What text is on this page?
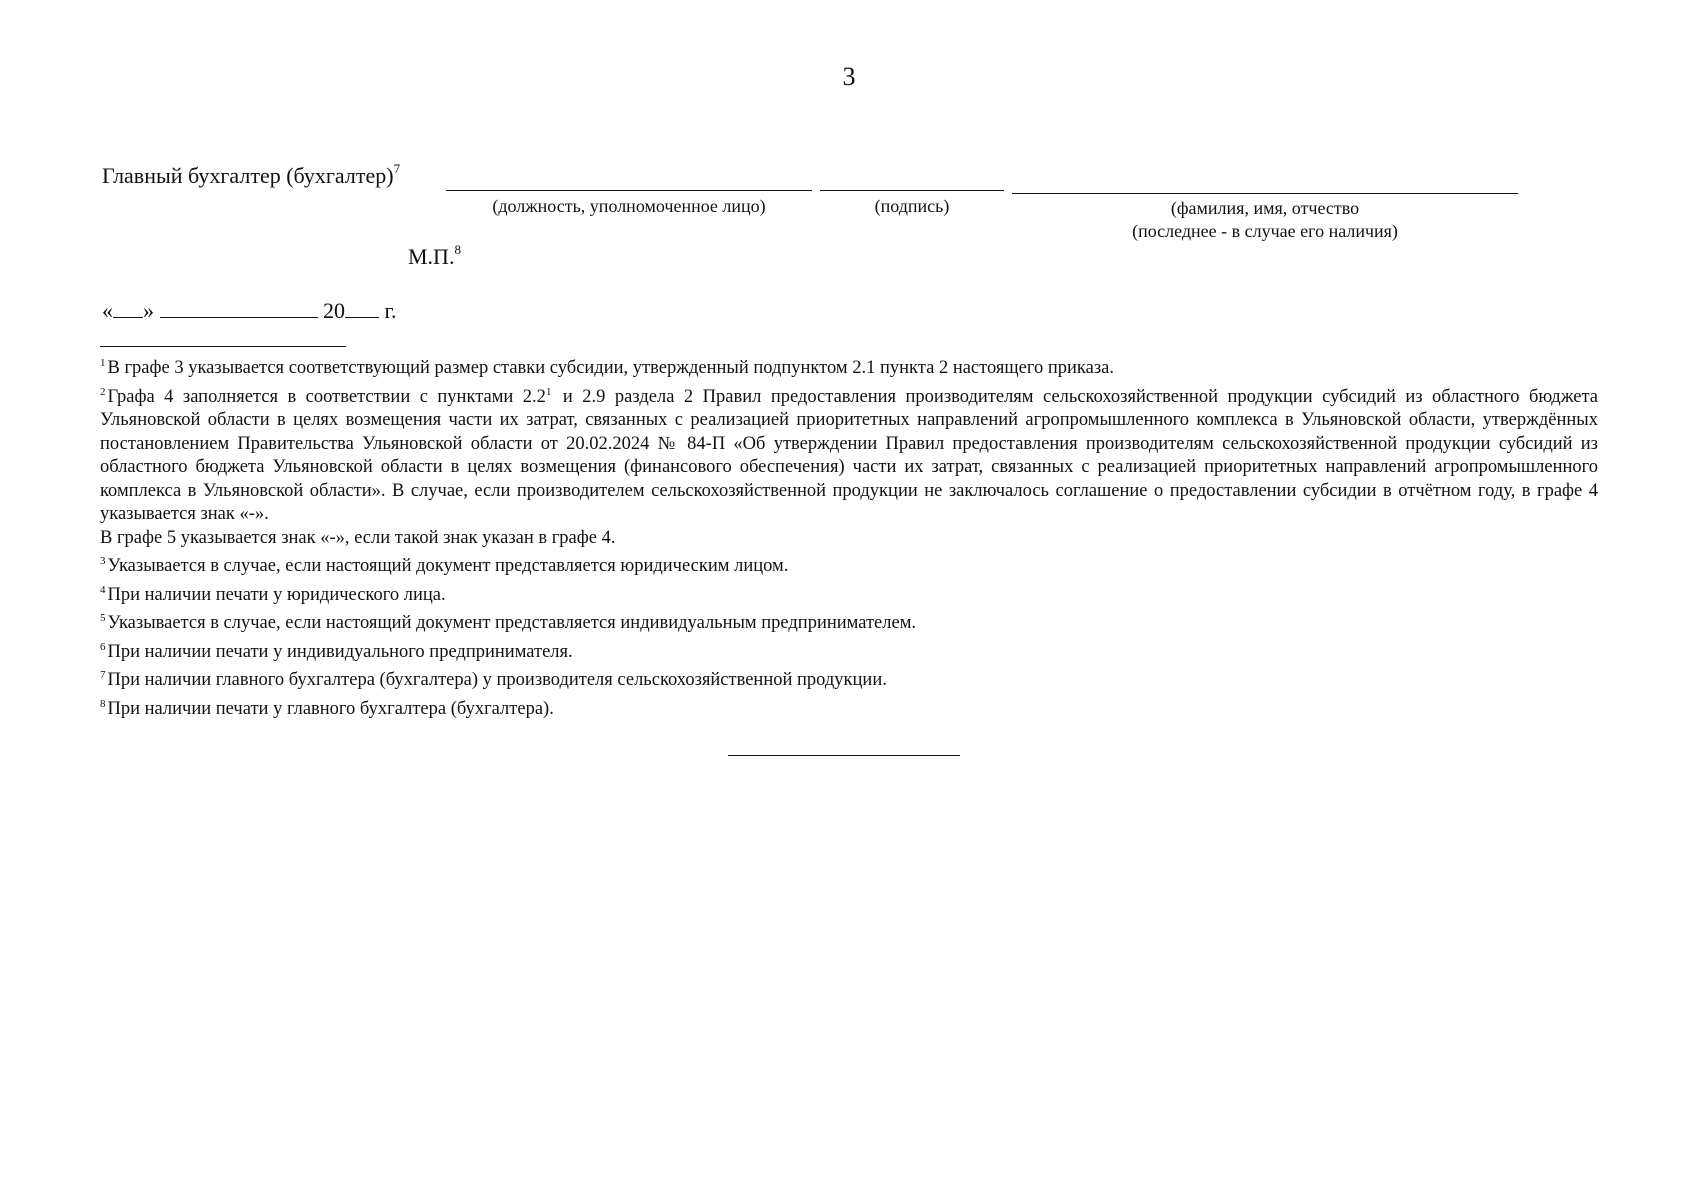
3
Главный бухгалтер (бухгалтер)$^7$
(должность, уполномоченное лицо)	(подпись)	(фамилия, имя, отчество
(последнее - в случае его наличия)
М.П.$^8$
« »	20 г.

$^1$ В графе 3 указывается соответствующий размер ставки субсидии, утвержденный подпунктом 2.1 пункта 2 настоящего приказа.

$^2$ Графа 4 заполняется в соответствии с пунктами $2.2^1$ и 2.9 раздела 2 Правил предоставления производителям сельскохозяйственной продукции субсидий из областного бюджета Ульяновской области в целях возмещения части их затрат, связанных с реализацией приоритетных направлений агропромышленного комплекса в Ульяновской области, утверждённых постановлением Правительства Ульяновской области от 20.02.2024 № 84-П «Об утверждении Правил предоставления производителям сельскохозяйственной продукции субсидий из областного бюджета Ульяновской области в целях возмещения (финансового обеспечения) части их затрат, связанных с реализацией приоритетных направлений агропромышленного комплекса в Ульяновской области». В случае, если производителем сельскохозяйственной продукции не заключалось соглашение о предоставлении субсидии в отчётном году, в графе 4 указывается знак «-».

В графе 5 указывается знак «-», если такой знак указан в графе 4.

$^3$ Указывается в случае, если настоящий документ представляется юридическим лицом.

$^4$ При наличии печати у юридического лица.

$^5$ Указывается в случае, если настоящий документ представляется индивидуальным предпринимателем.

$^6$ При наличии печати у индивидуального предпринимателя.

$^7$ При наличии главного бухгалтера (бухгалтера) у производителя сельскохозяйственной продукции.

$^8$ При наличии печати у главного бухгалтера (бухгалтера).
